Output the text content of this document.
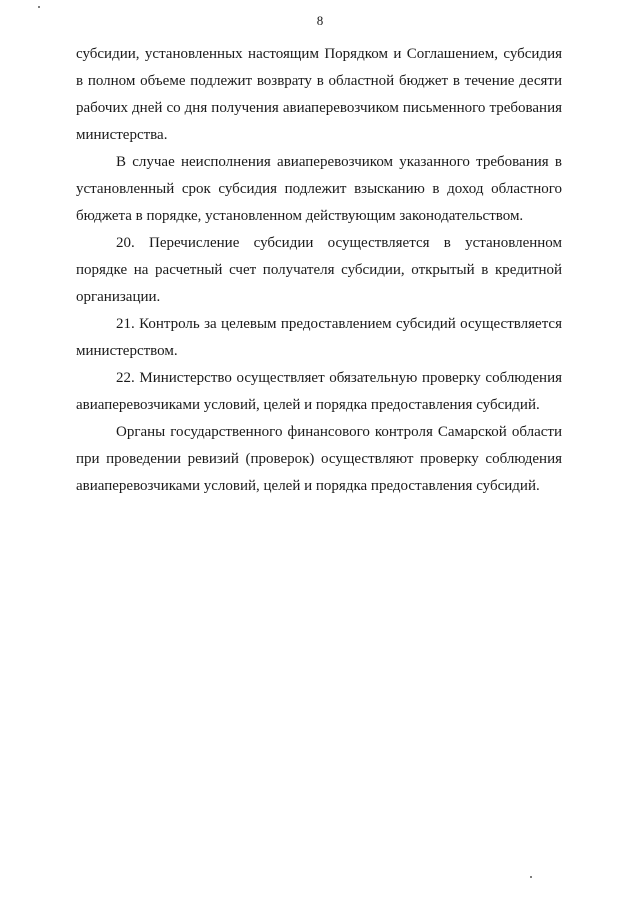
8

субсидии, установленных настоящим Порядком и Соглашением, субсидия в полном объеме подлежит возврату в областной бюджет в течение десяти рабочих дней со дня получения авиаперевозчиком письменного требования министерства.

В случае неисполнения авиаперевозчиком указанного требования в установленный срок субсидия подлежит взысканию в доход областного бюджета в порядке, установленном действующим законодательством.

20. Перечисление субсидии осуществляется в установленном порядке на расчетный счет получателя субсидии, открытый в кредитной организации.

21. Контроль за целевым предоставлением субсидий осуществляется министерством.

22. Министерство осуществляет обязательную проверку соблюдения авиаперевозчиками условий, целей и порядка предоставления субсидий.

Органы государственного финансового контроля Самарской области при проведении ревизий (проверок) осуществляют проверку соблюдения авиаперевозчиками условий, целей и порядка предоставления субсидий.
